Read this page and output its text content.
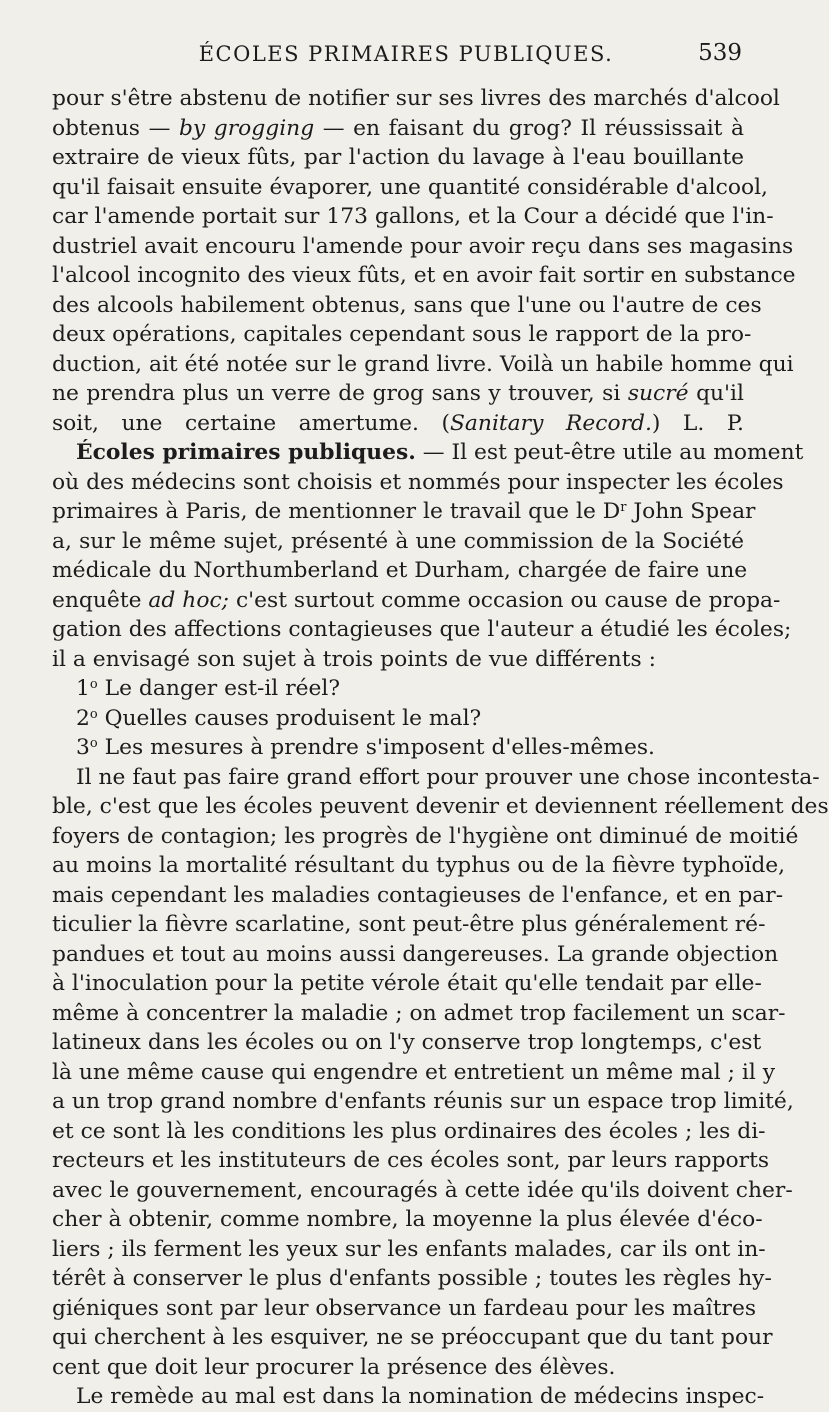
ÉCOLES PRIMAIRES PUBLIQUES.	539
pour s'être abstenu de notifier sur ses livres des marchés d'alcool
obtenus — by grogging — en faisant du grog? Il réussissait à
extraire de vieux fûts, par l'action du lavage à l'eau bouillante
qu'il faisait ensuite évaporer, une quantité considérable d'alcool,
car l'amende portait sur 173 gallons, et la Cour a décidé que l'in-
dustriel avait encouru l'amende pour avoir reçu dans ses magasins
l'alcool incognito des vieux fûts, et en avoir fait sortir en substance
des alcools habilement obtenus, sans que l'une ou l'autre de ces
deux opérations, capitales cependant sous le rapport de la pro-
duction, ait été notée sur le grand livre. Voilà un habile homme qui
ne prendra plus un verre de grog sans y trouver, si sucré qu'il
soit, une certaine amertume. (Sanitary Record.) L. P.
Écoles primaires publiques. — Il est peut-être utile au moment
où des médecins sont choisis et nommés pour inspecter les écoles
primaires à Paris, de mentionner le travail que le $D^r$ John Spear
a, sur le même sujet, présenté à une commission de la Société
médicale du Northumberland et Durham, chargée de faire une
enquête ad hoc; c'est surtout comme occasion ou cause de propa-
gation des affections contagieuses que l'auteur a étudié les écoles;
il a envisagé son sujet à trois points de vue différents :
1$^o$ Le danger est-il réel?
2$^o$ Quelles causes produisent le mal?
3$^o$ Les mesures à prendre s'imposent d'elles-mêmes.
Il ne faut pas faire grand effort pour prouver une chose incontesta-
ble, c'est que les écoles peuvent devenir et deviennent réellement des
foyers de contagion; les progrès de l'hygiène ont diminué de moitié
au moins la mortalité résultant du typhus ou de la fièvre typhoïde,
mais cependant les maladies contagieuses de l'enfance, et en par-
ticulier la fièvre scarlatine, sont peut-être plus généralement ré-
pandues et tout au moins aussi dangereuses. La grande objection
à l'inoculation pour la petite vérole était qu'elle tendait par elle-
même à concentrer la maladie ; on admet trop facilement un scar-
latineux dans les écoles ou on l'y conserve trop longtemps, c'est
là une même cause qui engendre et entretient un même mal ; il y
a un trop grand nombre d'enfants réunis sur un espace trop limité,
et ce sont là les conditions les plus ordinaires des écoles ; les di-
recteurs et les instituteurs de ces écoles sont, par leurs rapports
avec le gouvernement, encouragés à cette idée qu'ils doivent cher-
cher à obtenir, comme nombre, la moyenne la plus élevée d'éco-
liers ; ils ferment les yeux sur les enfants malades, car ils ont in-
térêt à conserver le plus d'enfants possible ; toutes les règles hy-
giéniques sont par leur observance un fardeau pour les maîtres
qui cherchent à les esquiver, ne se préoccupant que du tant pour
cent que doit leur procurer la présence des élèves.
Le remède au mal est dans la nomination de médecins inspec-
